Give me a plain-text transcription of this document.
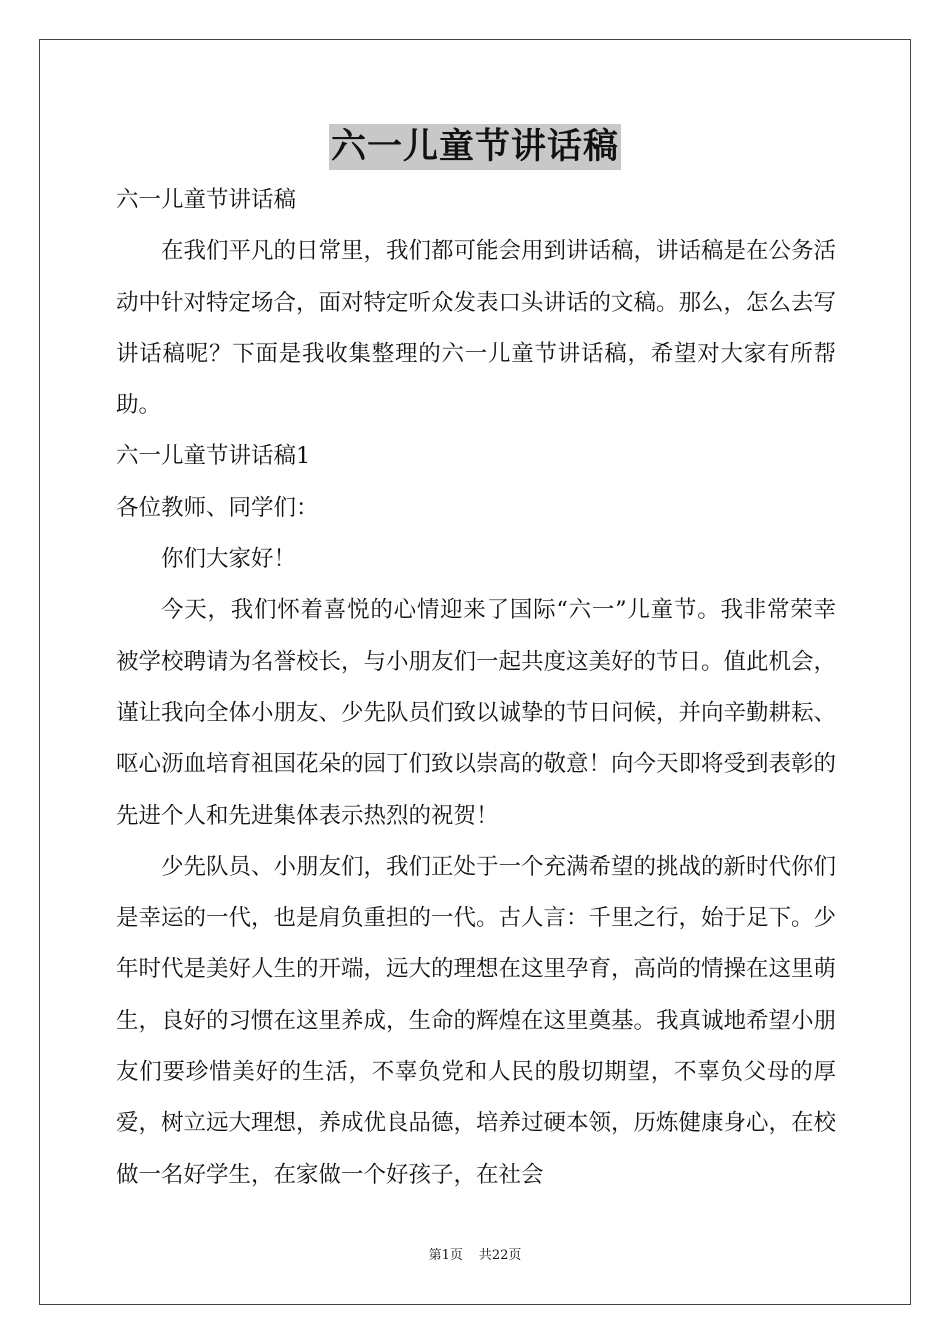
六一儿童节讲话稿

六一儿童节讲话稿

在我们平凡的日常里，我们都可能会用到讲话稿，讲话稿是在公务活动中针对特定场合，面对特定听众发表口头讲话的文稿。那么，怎么去写讲话稿呢？下面是我收集整理的六一儿童节讲话稿，希望对大家有所帮助。

六一儿童节讲话稿1

各位教师、同学们：

你们大家好！

今天，我们怀着喜悦的心情迎来了国际“六一”儿童节。我非常荣幸被学校聘请为名誉校长，与小朋友们一起共度这美好的节日。值此机会，谨让我向全体小朋友、少先队员们致以诚挚的节日问候，并向辛勤耕耘、呕心沥血培育祖国花朵的园丁们致以崇高的敬意！向今天即将受到表彰的先进个人和先进集体表示热烈的祝贺！

少先队员、小朋友们，我们正处于一个充满希望的挑战的新时代你们是幸运的一代，也是肩负重担的一代。古人言：千里之行，始于足下。少年时代是美好人生的开端，远大的理想在这里孕育，高尚的情操在这里萌生，良好的习惯在这里养成，生命的辉煌在这里奠基。我真诚地希望小朋友们要珍惜美好的生活，不辜负党和人民的殷切期望，不辜负父母的厚爱，树立远大理想，养成优良品德，培养过硬本领，历炼健康身心，在校做一名好学生，在家做一个好孩子，在社会

第1页 共22页
